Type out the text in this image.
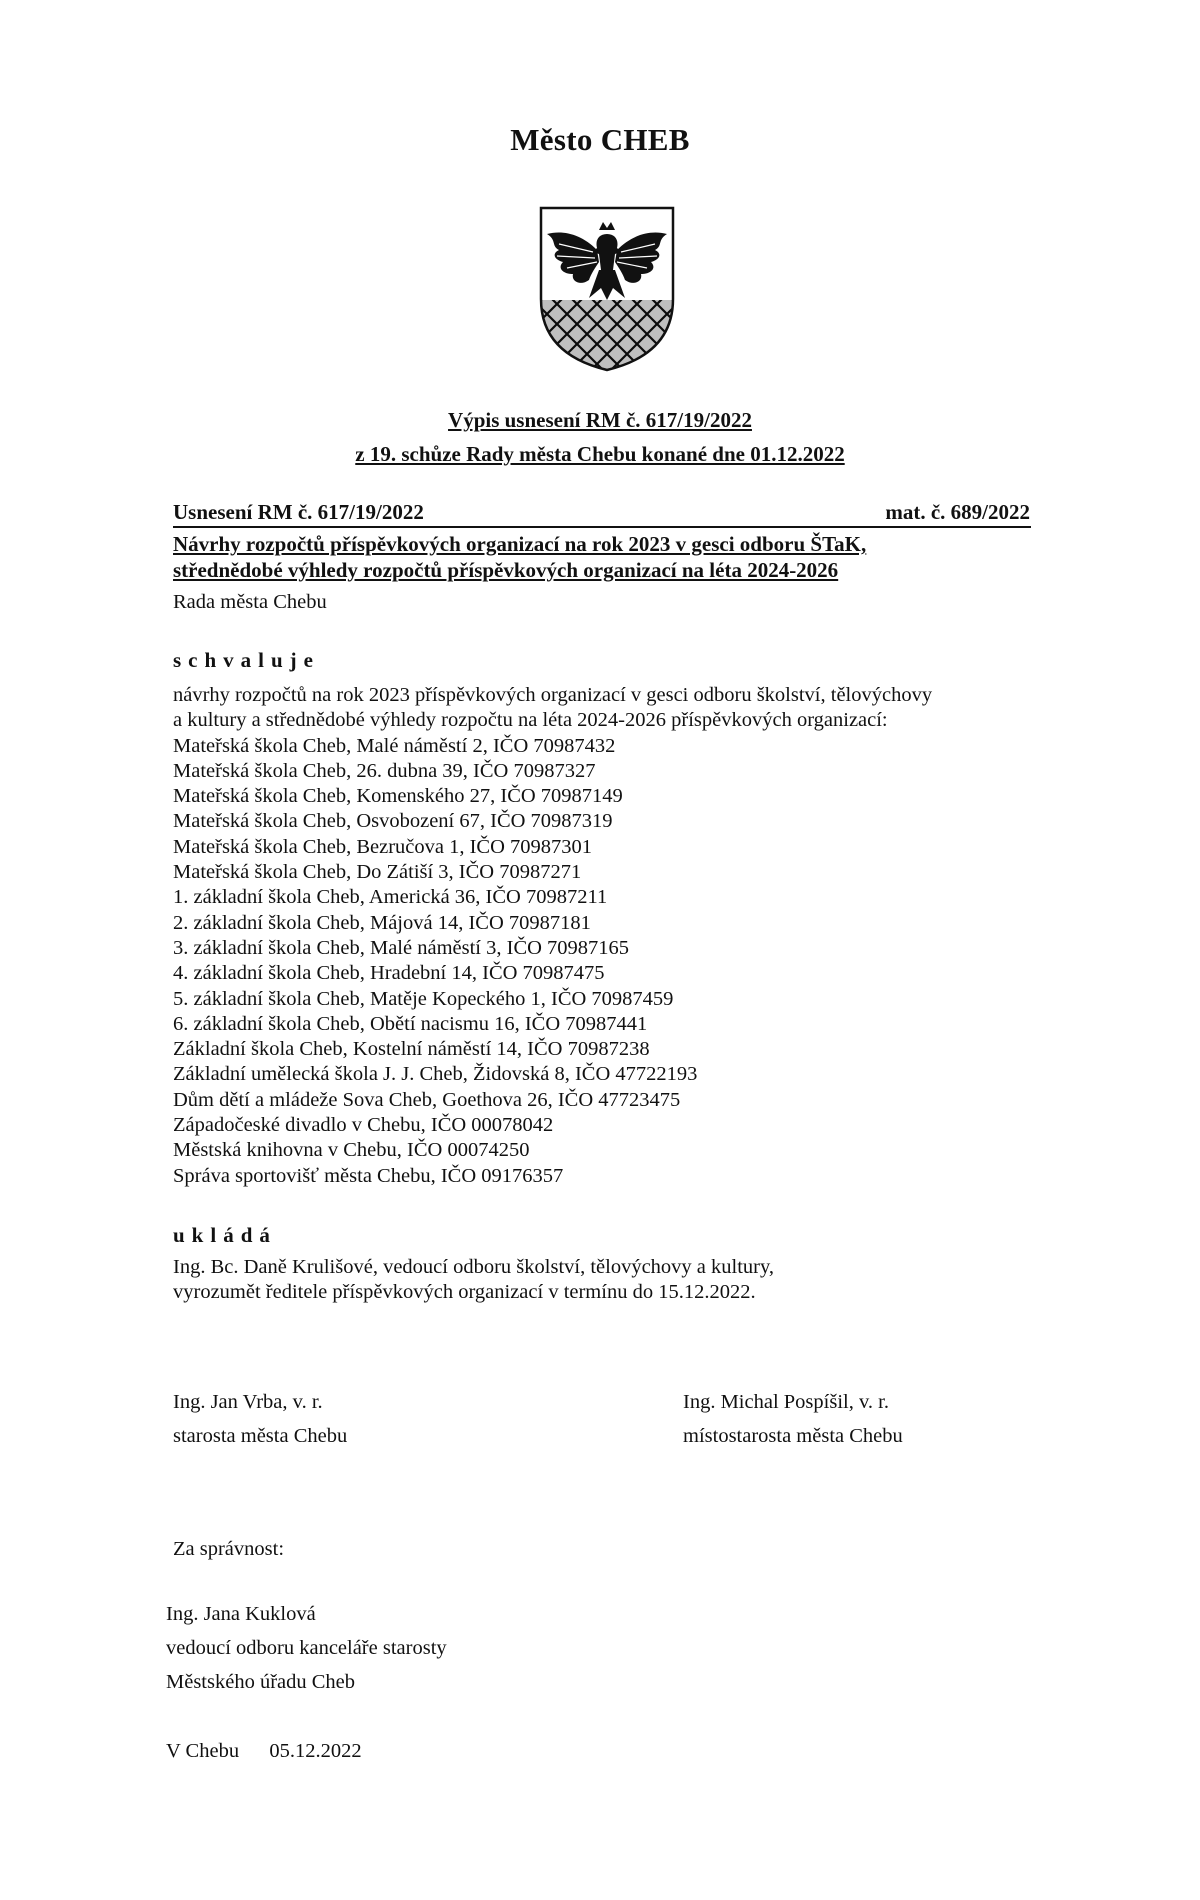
Město CHEB
Výpis usnesení RM č. 617/19/2022
z 19. schůze Rady města Chebu konané dne 01.12.2022
Usnesení RM č. 617/19/2022	mat. č. 689/2022
Návrhy rozpočtů příspěvkových organizací na rok 2023 v gesci odboru ŠTaK,
střednědobé výhledy rozpočtů příspěvkových organizací na léta 2024-2026
Rada města Chebu
schvaluje
návrhy rozpočtů na rok 2023 příspěvkových organizací v gesci odboru školství, tělovýchovy
a kultury a střednědobé výhledy rozpočtu na léta 2024-2026 příspěvkových organizací:
Mateřská škola Cheb, Malé náměstí 2, IČO 70987432
Mateřská škola Cheb, 26. dubna 39, IČO 70987327
Mateřská škola Cheb, Komenského 27, IČO 70987149
Mateřská škola Cheb, Osvobození 67, IČO 70987319
Mateřská škola Cheb, Bezručova 1, IČO 70987301
Mateřská škola Cheb, Do Zátiší 3, IČO 70987271
1. základní škola Cheb, Americká 36, IČO 70987211
2. základní škola Cheb, Májová 14, IČO 70987181
3. základní škola Cheb, Malé náměstí 3, IČO 70987165
4. základní škola Cheb, Hradební 14, IČO 70987475
5. základní škola Cheb, Matěje Kopeckého 1, IČO 70987459
6. základní škola Cheb, Obětí nacismu 16, IČO 70987441
Základní škola Cheb, Kostelní náměstí 14, IČO 70987238
Základní umělecká škola J. J. Cheb, Židovská 8, IČO 47722193
Dům dětí a mládeže Sova Cheb, Goethova 26, IČO 47723475
Západočeské divadlo v Chebu, IČO 00078042
Městská knihovna v Chebu, IČO 00074250
Správa sportovišť města Chebu, IČO 09176357
ukládá
Ing. Bc. Daně Krulišové, vedoucí odboru školství, tělovýchovy a kultury,
vyrozumět ředitele příspěvkových organizací v termínu do 15.12.2022.
Ing. Jan Vrba, v. r.
starosta města Chebu
Ing. Michal Pospíšil, v. r.
místostarosta města Chebu
Za správnost:
Ing. Jana Kuklová
vedoucí odboru kanceláře starosty
Městského úřadu Cheb
V Chebu 05.12.2022
